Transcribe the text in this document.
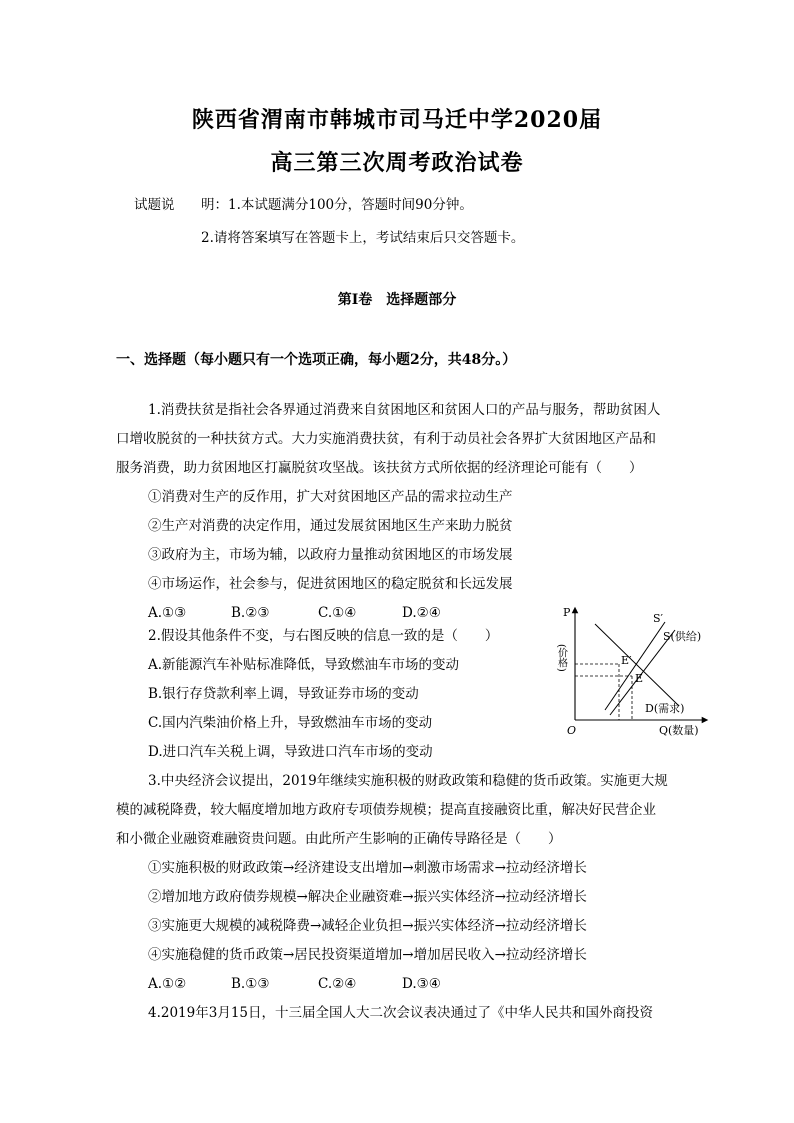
陕西省渭南市韩城市司马迁中学2020届
高三第三次周考政治试卷
试题说 明：1.本试题满分100分，答题时间90分钟。
2.请将答案填写在答题卡上，考试结束后只交答题卡。
第Ⅰ卷　选择题部分
一、选择题（每小题只有一个选项正确，每小题2分，共48分。）
1.消费扶贫是指社会各界通过消费来自贫困地区和贫困人口的产品与服务，帮助贫困人
口增收脱贫的一种扶贫方式。大力实施消费扶贫，有利于动员社会各界扩大贫困地区产品和
服务消费，助力贫困地区打赢脱贫攻坚战。该扶贫方式所依据的经济理论可能有（　　）
①消费对生产的反作用，扩大对贫困地区产品的需求拉动生产
②生产对消费的决定作用，通过发展贫困地区生产来助力脱贫
③政府为主，市场为辅，以政府力量推动贫困地区的市场发展
④市场运作，社会参与，促进贫困地区的稳定脱贫和长远发展
A.①③	B.②③	C.①④	D.②④
2.假设其他条件不变，与右图反映的信息一致的是（　　）
A.新能源汽车补贴标准降低，导致燃油车市场的变动
B.银行存贷款利率上调，导致证券市场的变动
C.国内汽柴油价格上升，导致燃油车市场的变动
D.进口汽车关税上调，导致进口汽车市场的变动
P
(价格)
O	Q(数量)
S′
S(供给)
D(需求)
E′
E
3.中央经济会议提出，2019年继续实施积极的财政政策和稳健的货币政策。实施更大规
模的减税降费，较大幅度增加地方政府专项债券规模；提高直接融资比重，解决好民营企业
和小微企业融资难融资贵问题。由此所产生影响的正确传导路径是（　　）
①实施积极的财政政策→经济建设支出增加→刺激市场需求→拉动经济增长
②增加地方政府债券规模→解决企业融资难→振兴实体经济→拉动经济增长
③实施更大规模的减税降费→减轻企业负担→振兴实体经济→拉动经济增长
④实施稳健的货币政策→居民投资渠道增加→增加居民收入→拉动经济增长
A.①②	B.①③	C.②④	D.③④
4.2019年3月15日，十三届全国人大二次会议表决通过了《中华人民共和国外商投资
